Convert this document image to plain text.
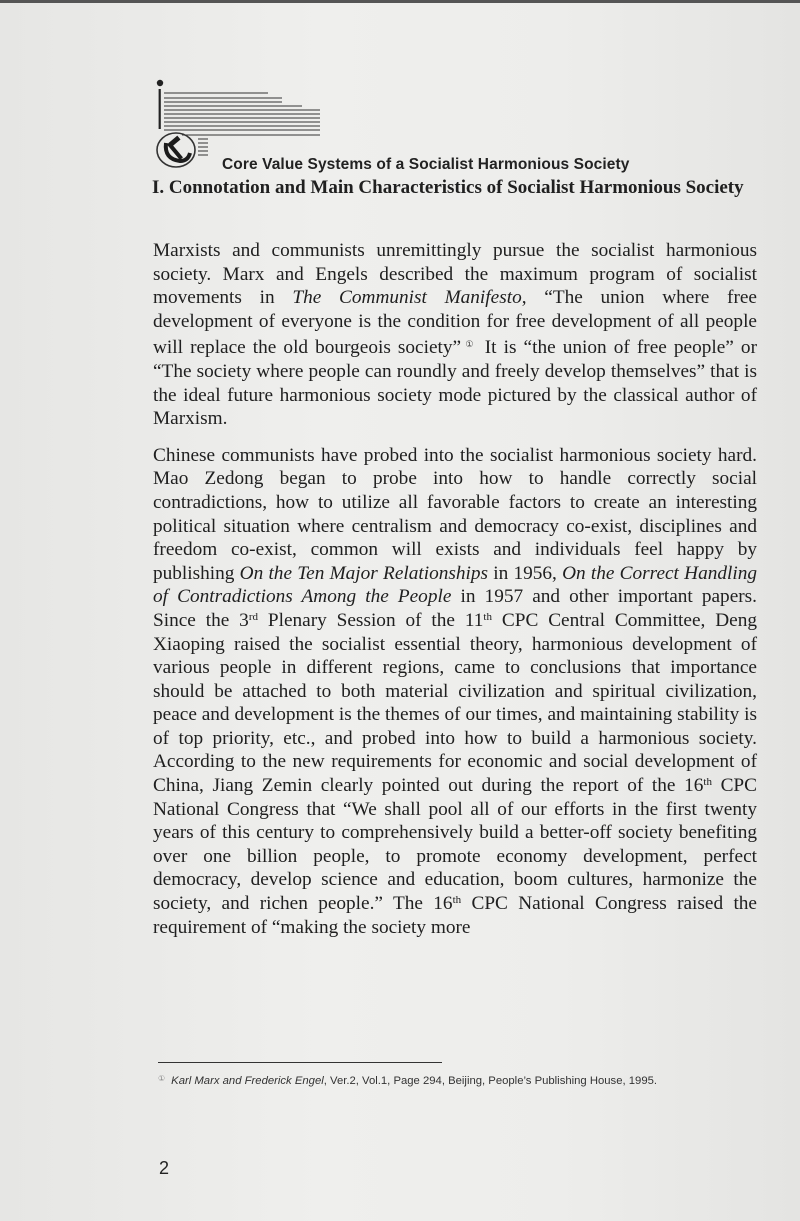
Core Value Systems of a Socialist Harmonious Society
I. Connotation and Main Characteristics of Socialist Harmonious Society

Marxists and communists unremittingly pursue the socialist harmonious society. Marx and Engels described the maximum program of socialist movements in The Communist Manifesto, “The union where free development of everyone is the condition for free development of all people will replace the old bourgeois society” ① It is “the union of free people” or “The society where people can roundly and freely develop themselves” that is the ideal future harmonious society mode pictured by the classical author of Marxism.

Chinese communists have probed into the socialist harmonious society hard. Mao Zedong began to probe into how to handle correctly social contradictions, how to utilize all favorable factors to create an interesting political situation where centralism and democracy co-exist, disciplines and freedom co-exist, common will exists and individuals feel happy by publishing On the Ten Major Relationships in 1956, On the Correct Handling of Contradictions Among the People in 1957 and other important papers. Since the 3rd Plenary Session of the 11th CPC Central Committee, Deng Xiaoping raised the socialist essential theory, harmonious development of various people in different regions, came to conclusions that importance should be attached to both material civilization and spiritual civilization, peace and development is the themes of our times, and maintaining stability is of top priority, etc., and probed into how to build a harmonious society. According to the new requirements for economic and social development of China, Jiang Zemin clearly pointed out during the report of the 16th CPC National Congress that “We shall pool all of our efforts in the first twenty years of this century to comprehensively build a better-off society benefiting over one billion people, to promote economy development, perfect democracy, develop science and education, boom cultures, harmonize the society, and richen people.” The 16th CPC National Congress raised the requirement of “making the society more

① Karl Marx and Frederick Engel, Ver.2, Vol.1, Page 294, Beijing, People’s Publishing House, 1995.
2
